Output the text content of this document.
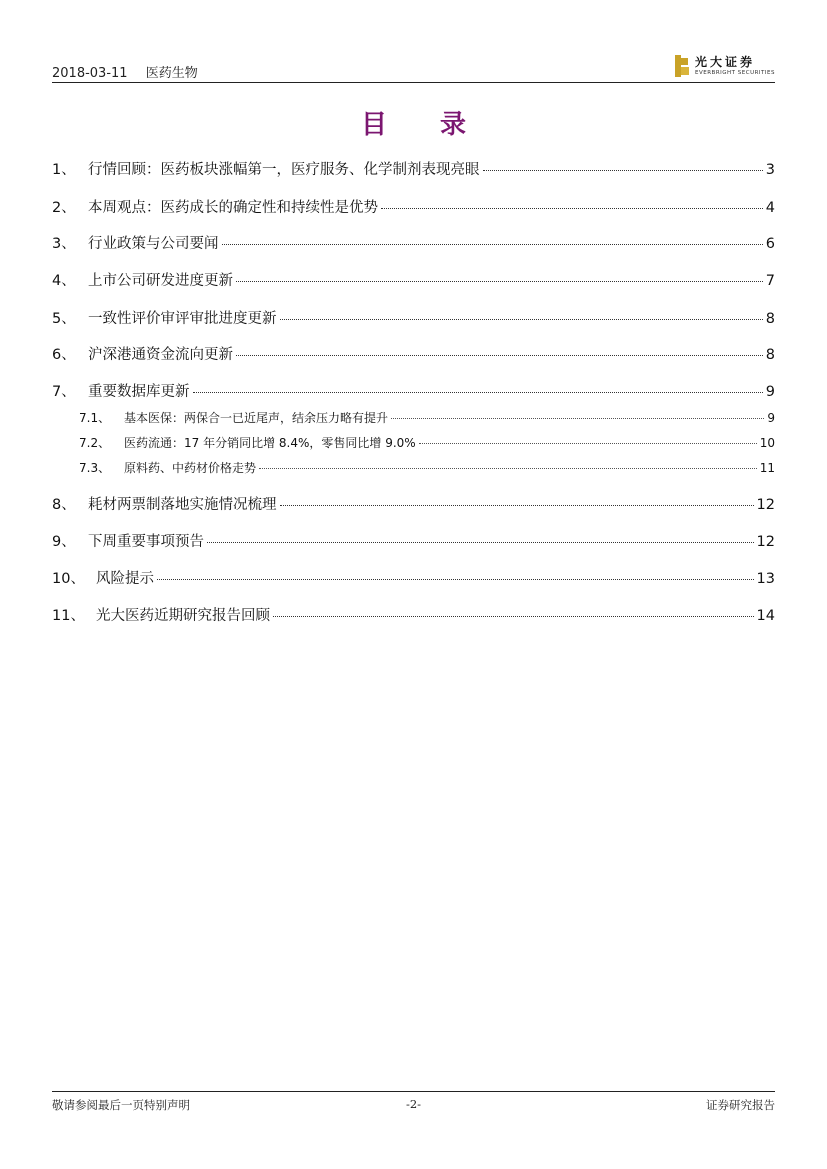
2018-03-11 医药生物
光大证券
EVERBRIGHT SECURITIES
目 录
1、 行情回顾：医药板块涨幅第一，医疗服务、化学制剂表现亮眼	3
2、 本周观点：医药成长的确定性和持续性是优势	4
3、 行业政策与公司要闻	6
4、 上市公司研发进度更新	7
5、 一致性评价审评审批进度更新	8
6、 沪深港通资金流向更新	8
7、 重要数据库更新	9
7.1、	基本医保：两保合一已近尾声，结余压力略有提升	9
7.2、	医药流通：17 年分销同比增 8.4%，零售同比增 9.0%	10
7.3、	原料药、中药材价格走势	11
8、 耗材两票制落地实施情况梳理	12
9、 下周重要事项预告	12
10、 风险提示	13
11、 光大医药近期研究报告回顾	14
敬请参阅最后一页特别声明	-2-	证券研究报告
